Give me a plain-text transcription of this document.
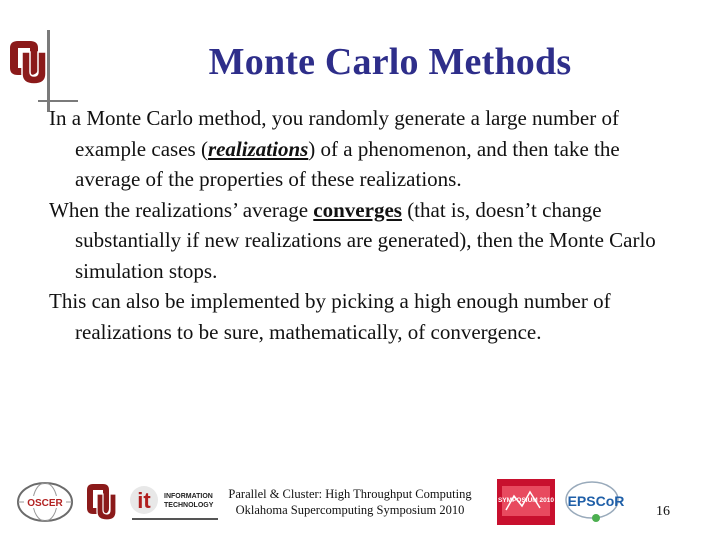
Monte Carlo Methods

In a Monte Carlo method, you randomly generate a large number of example cases (realizations) of a phenomenon, and then take the average of the properties of these realizations.

When the realizations’ average converges (that is, doesn’t change substantially if new realizations are generated), then the Monte Carlo simulation stops.

This can also be implemented by picking a high enough number of realizations to be sure, mathematically, of convergence.

OSCER	it INFORMATION
TECHNOLOGY
Parallel & Cluster: High Throughput Computing
Oklahoma Supercomputing Symposium 2010
SYMPOSIUM 2010 EPSCoR
16
